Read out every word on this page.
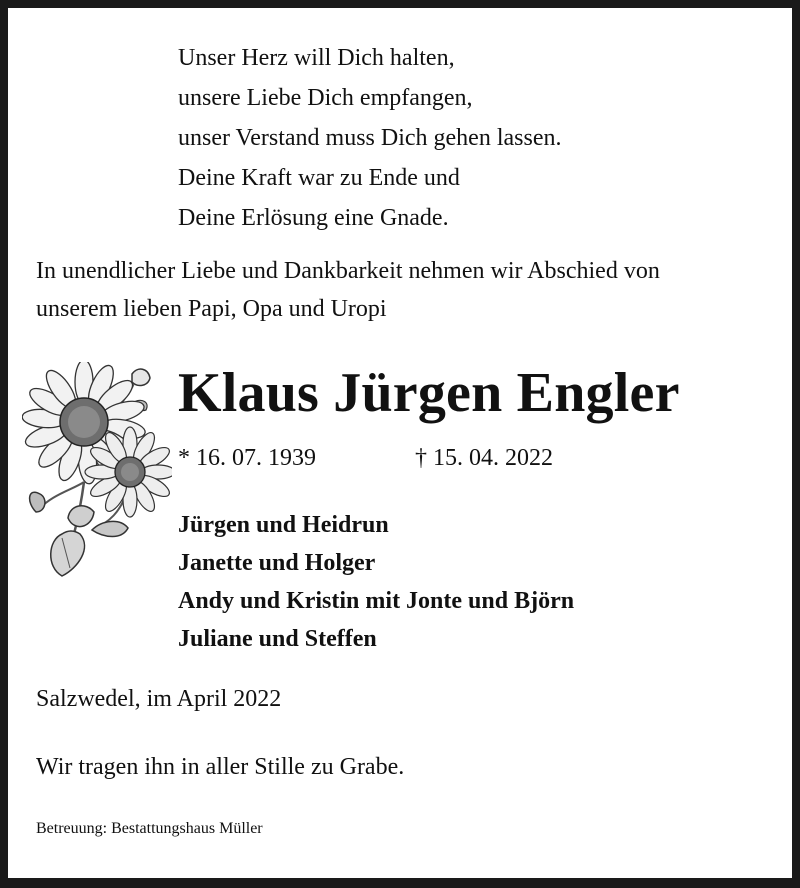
Unser Herz will Dich halten,
unsere Liebe Dich empfangen,
unser Verstand muss Dich gehen lassen.
Deine Kraft war zu Ende und
Deine Erlösung eine Gnade.
In unendlicher Liebe und Dankbarkeit nehmen wir Abschied von
unserem lieben Papi, Opa und Uropi
Klaus Jürgen Engler
* 16. 07. 1939	† 15. 04. 2022
Jürgen und Heidrun
Janette und Holger
Andy und Kristin mit Jonte und Björn
Juliane und Steffen
Salzwedel, im April 2022
Wir tragen ihn in aller Stille zu Grabe.
Betreuung: Bestattungshaus Müller
